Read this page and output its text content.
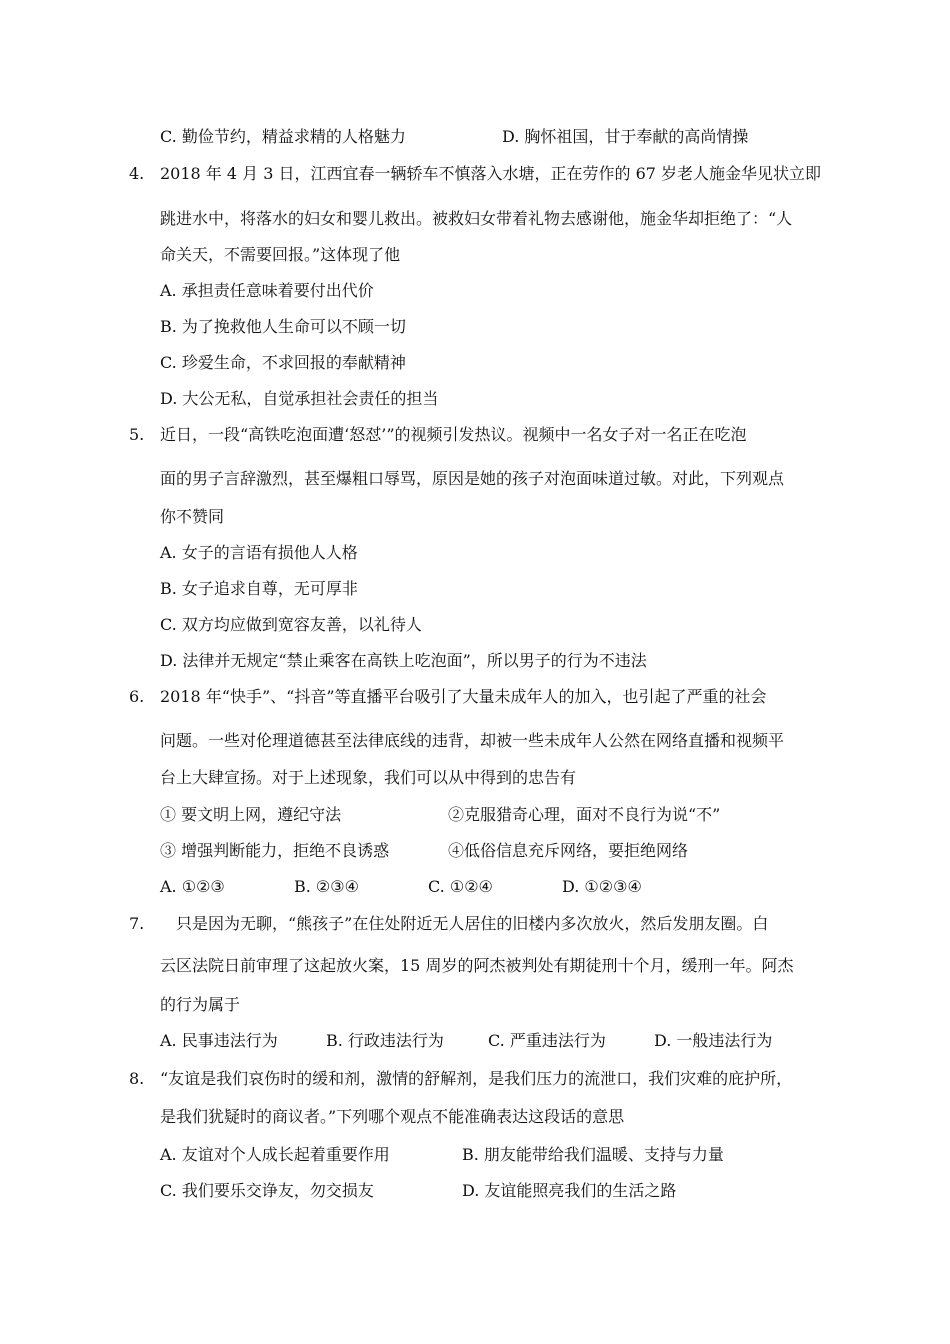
C. 勤俭节约，精益求精的人格魅力	D. 胸怀祖国，甘于奉献的高尚情操
4. 2018 年 4 月 3 日，江西宜春一辆轿车不慎落入水塘，正在劳作的 67 岁老人施金华见状立即
跳进水中，将落水的妇女和婴儿救出。被救妇女带着礼物去感谢他，施金华却拒绝了：“人
命关天，不需要回报。”这体现了他
A. 承担责任意味着要付出代价
B. 为了挽救他人生命可以不顾一切
C. 珍爱生命，不求回报的奉献精神
D. 大公无私，自觉承担社会责任的担当
5. 近日，一段“高铁吃泡面遭‘怒怼’”的视频引发热议。视频中一名女子对一名正在吃泡
面的男子言辞激烈，甚至爆粗口辱骂，原因是她的孩子对泡面味道过敏。对此，下列观点
你不赞同
A. 女子的言语有损他人人格
B. 女子追求自尊，无可厚非
C. 双方均应做到宽容友善，以礼待人
D. 法律并无规定“禁止乘客在高铁上吃泡面”，所以男子的行为不违法
6. 2018 年“快手”、“抖音”等直播平台吸引了大量未成年人的加入，也引起了严重的社会
问题。一些对伦理道德甚至法律底线的违背，却被一些未成年人公然在网络直播和视频平
台上大肆宣扬。对于上述现象，我们可以从中得到的忠告有
① 要文明上网，遵纪守法	②克服猎奇心理，面对不良行为说“不”
③ 增强判断能力，拒绝不良诱惑	④低俗信息充斥网络，要拒绝网络
A. ①②③	B. ②③④	C. ①②④	D. ①②③④
7. 只是因为无聊，“熊孩子”在住处附近无人居住的旧楼内多次放火，然后发朋友圈。白
云区法院日前审理了这起放火案，15 周岁的阿杰被判处有期徒刑十个月，缓刑一年。阿杰
的行为属于
A. 民事违法行为	B. 行政违法行为	C. 严重违法行为	D. 一般违法行为
8. “友谊是我们哀伤时的缓和剂，激情的舒解剂，是我们压力的流泄口，我们灾难的庇护所，
是我们犹疑时的商议者。”下列哪个观点不能准确表达这段话的意思
A. 友谊对个人成长起着重要作用	B. 朋友能带给我们温暖、支持与力量
C. 我们要乐交诤友，勿交损友	D. 友谊能照亮我们的生活之路
